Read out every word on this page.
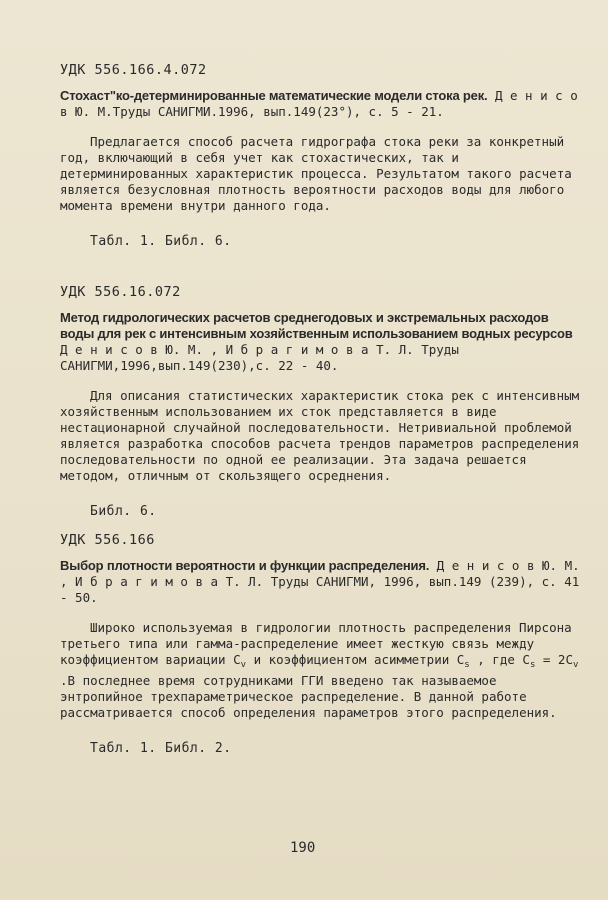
УДК 556.166.4.072
Стохаст"ко-детерминированные математические модели стока рек. Д е н и с о в Ю. М.Труды САНИГМИ.1996, вып.149(23°), с. 5 - 21.
Предлагается способ расчета гидрографа стока реки за конкретный год, включающий в себя учет как стохастических, так и детерминированных характеристик процесса. Результатом такого расчета является безусловная плотность вероятности расходов воды для любого момента времени внутри данного года.
Табл. 1. Библ. 6.
УДК 556.16.072
Метод гидрологических расчетов среднегодовых и экстремальных расходов воды для рек с интенсивным хозяйственным использованием водных ресурсов Д е н и с о в Ю. М. , И б р а г и м о в а Т. Л. Труды САНИГМИ,1996,вып.149(230),с. 22 - 40.
Для описания статистических характеристик стока рек с интенсивным хозяйственным использованием их сток представляется в виде нестационарной случайной последовательности. Нетривиальной проблемой является разработка способов расчета трендов параметров распределения последовательности по одной ее реализации. Эта задача решается методом, отличным от скользящего осреднения.
Библ. 6.
УДК 556.166
Выбор плотности вероятности и функции распределения. Д е н и с о в Ю. М. , И б р а г и м о в а Т. Л. Труды САНИГМИ, 1996, вып.149 (239), с. 41 - 50.
Широко используемая в гидрологии плотность распределения Пирсона третьего типа или гамма-распределение имеет жесткую связь между коэффициентом вариации $C_v$ и коэффициентом асимметрии $C_s$ , где $C_s = 2C_v$ .В последнее время сотрудниками ГГИ введено так называемое энтропийное трехпараметрическое распределение. В данной работе рассматривается способ определения параметров этого распределения.
Табл. 1. Библ. 2.
190
